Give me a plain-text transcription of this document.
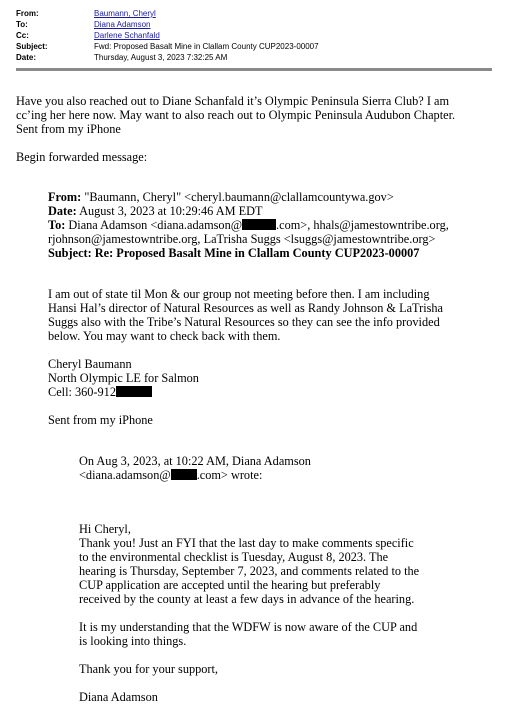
From:	Baumann, Cheryl
To:	Diana Adamson
Cc:	Darlene Schanfald
Subject:	Fwd: Proposed Basalt Mine in Clallam County CUP2023-00007
Date:	Thursday, August 3, 2023 7:32:25 AM
Have you also reached out to Diane Schanfald it’s Olympic Peninsula Sierra Club? I am
cc’ing her here now. May want to also reach out to Olympic Peninsula Audubon Chapter.
Sent from my iPhone
Begin forwarded message:
From: "Baumann, Cheryl" <cheryl.baumann@clallamcountywa.gov>
Date: August 3, 2023 at 10:29:46 AM EDT
To: Diana Adamson <diana.adamson@	.com>, hhals@jamestowntribe.org,
rjohnson@jamestowntribe.org, LaTrisha Suggs <lsuggs@jamestowntribe.org>
Subject: Re: Proposed Basalt Mine in Clallam County CUP2023-00007
I am out of state til Mon & our group not meeting before then. I am including
Hansi Hal’s director of Natural Resources as well as Randy Johnson & LaTrisha
Suggs also with the Tribe’s Natural Resources so they can see the info provided
below. You may want to check back with them.
Cheryl Baumann
North Olympic LE for Salmon
Cell: 360-912
Sent from my iPhone
On Aug 3, 2023, at 10:22 AM, Diana Adamson
<diana.adamson@ .com> wrote:
Hi Cheryl,
Thank you! Just an FYI that the last day to make comments specific
to the environmental checklist is Tuesday, August 8, 2023. The
hearing is Thursday, September 7, 2023, and comments related to the
CUP application are accepted until the hearing but preferably
received by the county at least a few days in advance of the hearing.
It is my understanding that the WDFW is now aware of the CUP and
is looking into things.
Thank you for your support,
Diana Adamson
